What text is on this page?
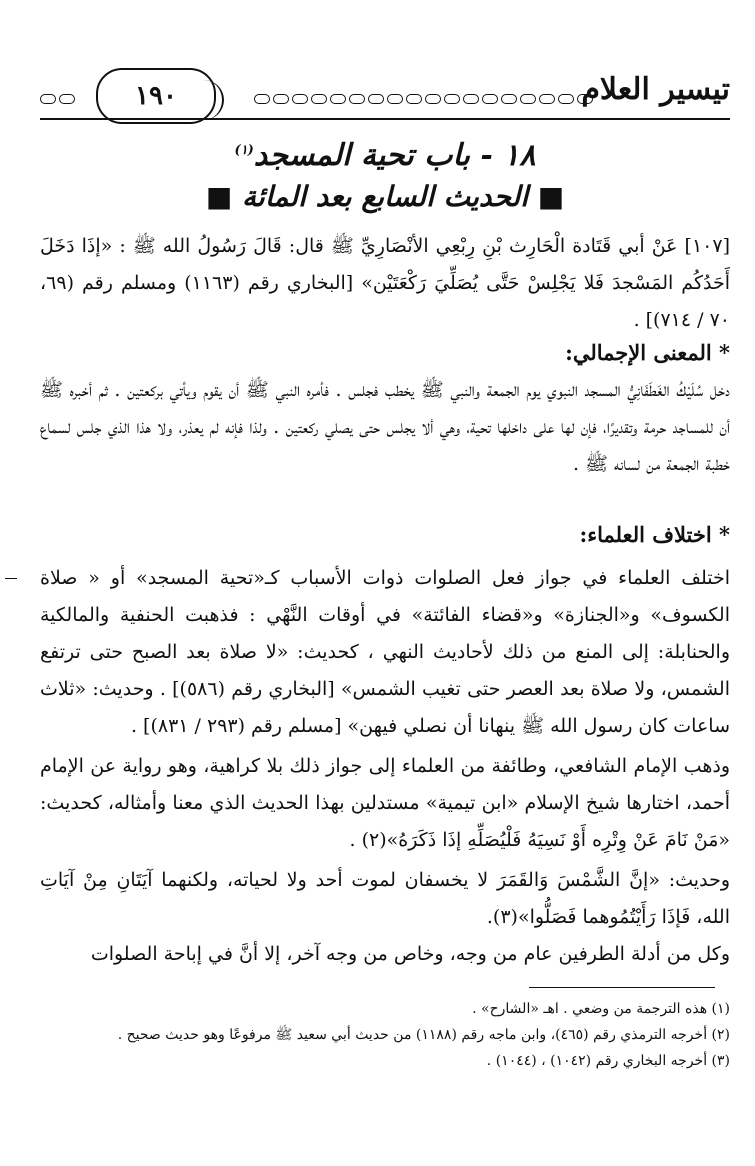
تيسير العلام
١٩٠
١٨ - باب تحية المسجد$^{(١)}$
■ الحديث السابع بعد المائة ■
[١٠٧] عَنْ أبي قَتَادة الْحَارِث بْنِ رِبْعِي الأنْصَارِيِّ ﷺ قال: قَالَ رَسُولُ الله ﷺ : «إذَا دَخَلَ أَحَدُكُم المَسْجدَ فَلا يَجْلِسْ حَتَّى يُصَلِّيَ رَكْعَتَيْن» [البخاري رقم (١١٦٣) ومسلم رقم (٦٩، ٧٠ / ٧١٤)] .
* المعنى الإجمالي:
دخل سُلَيْكُ الغَطَفَانِيُّ المسجد النبوي يوم الجمعة والنبي ﷺ يخطب فجلس . فأمره النبي ﷺ أن يقوم ويأتي بركعتين . ثم أخبره ﷺ أن للمساجد حرمة وتقديرًا، فإن لها على داخلها تحية، وهي ألا يجلس حتى يصلي ركعتين . ولذا فإنه لم يعذر، ولا هذا الذي جلس لسماع خطبة الجمعة من لسانه ﷺ .
* اختلاف العلماء:
اختلف العلماء في جواز فعل الصلوات ذوات الأسباب كـ«تحية المسجد» أو « صلاة الكسوف» و«الجنازة» و«قضاء الفائتة» في أوقات النَّهْي : فذهبت الحنفية والمالكية والحنابلة: إلى المنع من ذلك لأحاديث النهي ، كحديث: «لا صلاة بعد الصبح حتى ترتفع الشمس، ولا صلاة بعد العصر حتى تغيب الشمس» [البخاري رقم (٥٨٦)] . وحديث: «ثلاث ساعات كان رسول الله ﷺ ينهانا أن نصلي فيهن» [مسلم رقم (٢٩٣ / ٨٣١)] .
وذهب الإمام الشافعي، وطائفة من العلماء إلى جواز ذلك بلا كراهية، وهو رواية عن الإمام أحمد، اختارها شيخ الإسلام «ابن تيمية» مستدلين بهذا الحديث الذي معنا وأمثاله، كحديث: «مَنْ نَامَ عَنْ وِتْرِه أَوْ نَسِيَهُ فَلْيُصَلِّهِ إذَا ذَكَرَهُ»(٢) .
وحديث: «إنَّ الشَّمْسَ وَالقَمَرَ لا يخسفان لموت أحد ولا لحياته، ولكنهما آيَتَانِ مِنْ آيَاتِ الله، فَإذَا رَأَيْتُمُوهما فَصَلُّوا»(٣).
وكل من أدلة الطرفين عام من وجه، وخاص من وجه آخر، إلا أنَّ في إباحة الصلوات
(١) هذه الترجمة من وضعي . اهـ «الشارح» .
(٢) أخرجه الترمذي رقم (٤٦٥)، وابن ماجه رقم (١١٨٨) من حديث أبي سعيد ﷺ مرفوعًا وهو حديث صحيح .
(٣) أخرجه البخاري رقم (١٠٤٢) ، (١٠٤٤) .
